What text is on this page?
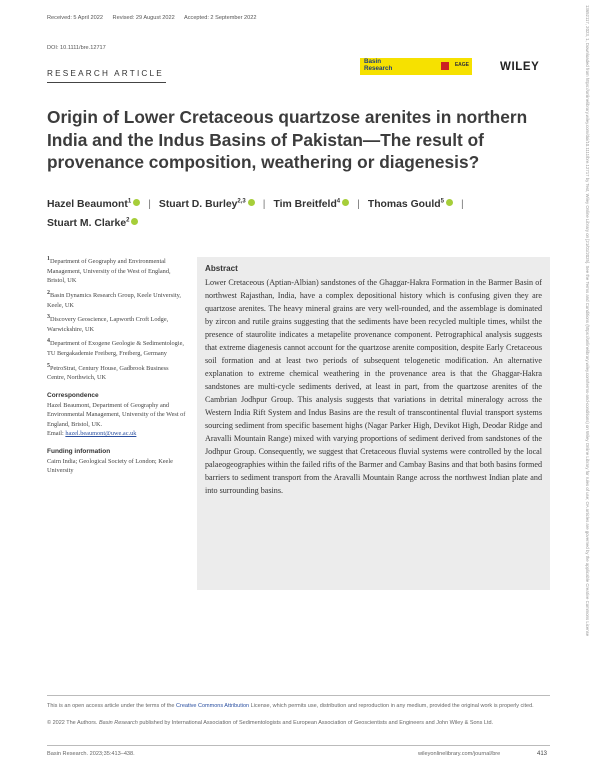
Received: 5 April 2022 Revised: 29 August 2022 Accepted: 2 September 2022
DOI: 10.1111/bre.12717
RESEARCH ARTICLE
Basin
Research	EAGE	WILEY
Origin of Lower Cretaceous quartzose arenites in northern India and the Indus Basins of Pakistan—The result of provenance composition, weathering or diagenesis?
Hazel Beaumont$^1$ | Stuart D. Burley$^{2,3}$ | Tim Breitfeld$^4$ | Thomas Gould$^5$ |
Stuart M. Clarke$^2$
$^1$Department of Geography and Environmental Management, University of the West of England, Bristol, UK
$^2$Basin Dynamics Research Group, Keele University, Keele, UK
$^3$Discovery Geoscience, Lapworth Croft Lodge, Warwickshire, UK
$^4$Department of Exogene Geologie & Sedimentologie, TU Bergakademie Freiberg, Freiberg, Germany
$^5$PetroStrat, Century House, Gadbrook Business Centre, Northwich, UK
Correspondence
Hazel Beaumont, Department of Geography and Environmental Management, University of the West of England, Bristol, UK.
Email: hazel.beaumont@uwe.ac.uk
Funding information
Cairn India; Geological Society of London; Keele University
Abstract

Lower Cretaceous (Aptian-Albian) sandstones of the Ghaggar-Hakra Formation in the Barmer Basin of northwest Rajasthan, India, have a complex depositional history which is confusing given they are quartzose arenites. The heavy mineral grains are very well-rounded, and the assemblage is dominated by zircon and rutile grains suggesting that the sediments have been recycled multiple times, whilst the presence of staurolite indicates a metapelite provenance component. Petrographical analysis suggests that extreme diagenesis cannot account for the quartzose arenite composition, despite Early Cretaceous soil formation and at least two periods of subsequent telogenetic modification. An alternative explanation to extreme chemical weathering in the provenance area is that the Ghaggar-Hakra sandstones are multi-cycle sediments derived, at least in part, from the quartzose arenites of the Cambrian Jodhpur Group. This analysis suggests that variations in detrital mineralogy across the Western India Rift System and Indus Basins are the result of transcontinental fluvial transport systems sourcing sediment from specific basement highs (Nagar Parker High, Devikot High, Deodar Ridge and Aravalli Mountain Range) mixed with varying proportions of sediment derived from sandstones of the Jodhpur Group. Consequently, we suggest that Cretaceous fluvial systems were controlled by the local palaeogeographies within the failed rifts of the Barmer and Cambay Basins and that both basins formed barriers to sediment transport from the Aravalli Mountain Range across the northwest Indian plate and into surrounding basins.

This is an open access article under the terms of the Creative Commons Attribution License, which permits use, distribution and reproduction in any medium, provided the original work is properly cited.
© 2022 The Authors. Basin Research published by International Association of Sedimentologists and European Association of Geoscientists and Engineers and John Wiley & Sons Ltd.
Basin Research. 2023;35:413–438.	wileyonlinelibrary.com/journal/bre	413
13652117, 2023, 1, Downloaded from https://onlinelibrary.wiley.com/doi/10.1111/bre.12717 by Test, Wiley Online Library on [21/01/2025]. See the Terms and Conditions (https://onlinelibrary.wiley.com/terms-and-conditions) on Wiley Online Library for rules of use; OA articles are governed by the applicable Creative Commons License
